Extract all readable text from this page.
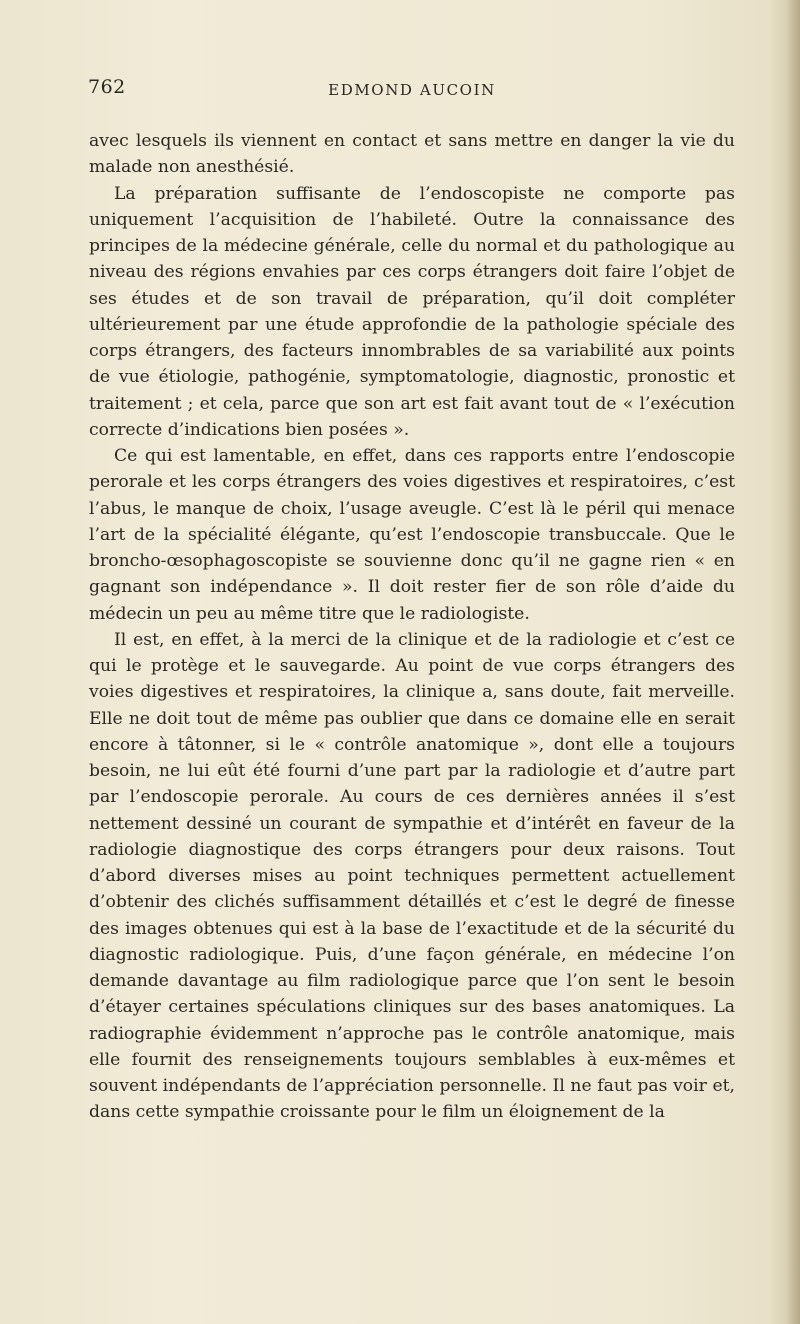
762	EDMOND AUCOIN

avec lesquels ils viennent en contact et sans mettre en danger la vie du malade non anesthésié.

La préparation suffisante de l’endoscopiste ne comporte pas uniquement l’acquisition de l’habileté. Outre la connaissance des principes de la médecine générale, celle du normal et du pathologique au niveau des régions envahies par ces corps étrangers doit faire l’objet de ses études et de son travail de préparation, qu’il doit compléter ultérieurement par une étude approfondie de la pathologie spéciale des corps étrangers, des facteurs innombrables de sa variabilité aux points de vue étiologie, pathogénie, symptomatologie, diagnostic, pronostic et traitement ; et cela, parce que son art est fait avant tout de « l’exécution correcte d’indications bien posées ».

Ce qui est lamentable, en effet, dans ces rapports entre l’endoscopie perorale et les corps étrangers des voies digestives et respiratoires, c’est l’abus, le manque de choix, l’usage aveugle. C’est là le péril qui menace l’art de la spécialité élégante, qu’est l’endoscopie transbuccale. Que le broncho-œsophagoscopiste se souvienne donc qu’il ne gagne rien « en gagnant son indépendance ». Il doit rester fier de son rôle d’aide du médecin un peu au même titre que le radiologiste.

Il est, en effet, à la merci de la clinique et de la radiologie et c’est ce qui le protège et le sauvegarde. Au point de vue corps étrangers des voies digestives et respiratoires, la clinique a, sans doute, fait merveille. Elle ne doit tout de même pas oublier que dans ce domaine elle en serait encore à tâtonner, si le « contrôle anatomique », dont elle a toujours besoin, ne lui eût été fourni d’une part par la radiologie et d’autre part par l’endoscopie perorale. Au cours de ces dernières années il s’est nettement dessiné un courant de sympathie et d’intérêt en faveur de la radiologie diagnostique des corps étrangers pour deux raisons. Tout d’abord diverses mises au point techniques permettent actuellement d’obtenir des clichés suffisamment détaillés et c’est le degré de finesse des images obtenues qui est à la base de l’exactitude et de la sécurité du diagnostic radiologique. Puis, d’une façon générale, en médecine l’on demande davantage au film radiologique parce que l’on sent le besoin d’étayer certaines spéculations cliniques sur des bases anatomiques. La radiographie évidemment n’approche pas le contrôle anatomique, mais elle fournit des renseignements toujours semblables à eux-mêmes et souvent indépendants de l’appréciation personnelle. Il ne faut pas voir et, dans cette sympathie croissante pour le film un éloignement de la
